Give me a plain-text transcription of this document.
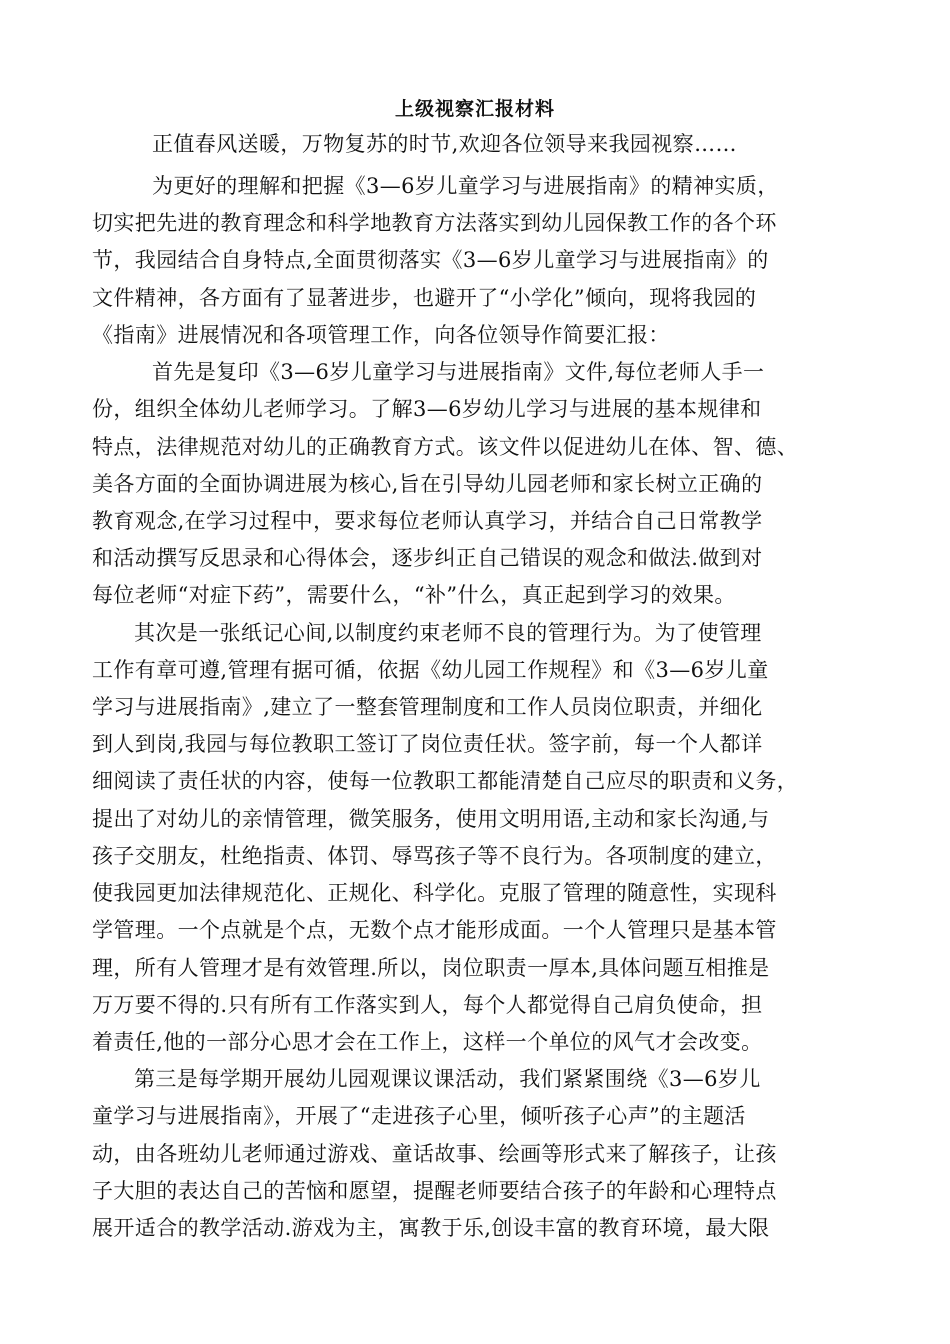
上级视察汇报材料
正值春风送暖，万物复苏的时节,欢迎各位领导来我园视察……
为更好的理解和把握《3—6岁儿童学习与进展指南》的精神实质，
切实把先进的教育理念和科学地教育方法落实到幼儿园保教工作的各个环
节，我园结合自身特点,全面贯彻落实《3—6岁儿童学习与进展指南》的
文件精神，各方面有了显著进步，也避开了“小学化”倾向，现将我园的
《指南》进展情况和各项管理工作，向各位领导作简要汇报：
首先是复印《3—6岁儿童学习与进展指南》文件,每位老师人手一
份，组织全体幼儿老师学习。了解3—6岁幼儿学习与进展的基本规律和
特点，法律规范对幼儿的正确教育方式。该文件以促进幼儿在体、智、德、
美各方面的全面协调进展为核心,旨在引导幼儿园老师和家长树立正确的
教育观念,在学习过程中，要求每位老师认真学习，并结合自己日常教学
和活动撰写反思录和心得体会，逐步纠正自己错误的观念和做法.做到对
每位老师“对症下药”，需要什么，“补”什么，真正起到学习的效果。
其次是一张纸记心间,以制度约束老师不良的管理行为。为了使管理
工作有章可遵,管理有据可循，依据《幼儿园工作规程》和《3—6岁儿童
学习与进展指南》,建立了一整套管理制度和工作人员岗位职责，并细化
到人到岗,我园与每位教职工签订了岗位责任状。签字前，每一个人都详
细阅读了责任状的内容，使每一位教职工都能清楚自己应尽的职责和义务，
提出了对幼儿的亲情管理，微笑服务，使用文明用语,主动和家长沟通,与
孩子交朋友，杜绝指责、体罚、辱骂孩子等不良行为。各项制度的建立，
使我园更加法律规范化、正规化、科学化。克服了管理的随意性，实现科
学管理。一个点就是个点，无数个点才能形成面。一个人管理只是基本管
理，所有人管理才是有效管理.所以，岗位职责一厚本,具体问题互相推是
万万要不得的.只有所有工作落实到人，每个人都觉得自己肩负使命，担
着责任,他的一部分心思才会在工作上，这样一个单位的风气才会改变。
第三是每学期开展幼儿园观课议课活动，我们紧紧围绕《3—6岁儿
童学习与进展指南》，开展了“走进孩子心里，倾听孩子心声”的主题活
动，由各班幼儿老师通过游戏、童话故事、绘画等形式来了解孩子，让孩
子大胆的表达自己的苦恼和愿望，提醒老师要结合孩子的年龄和心理特点
展开适合的教学活动.游戏为主，寓教于乐,创设丰富的教育环境，最大限
